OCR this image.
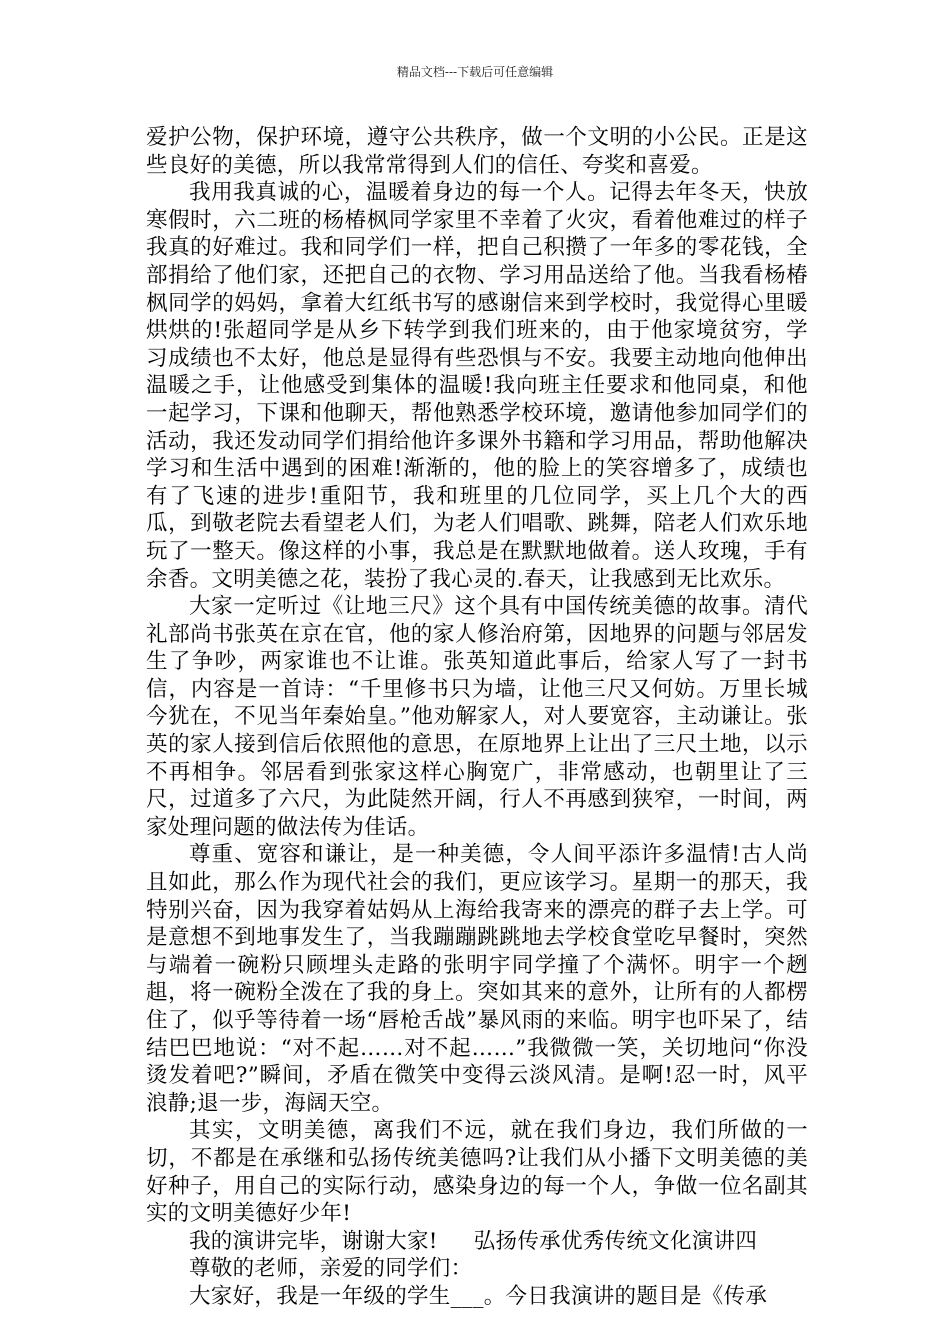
精品文档---下载后可任意编辑

爱护公物，保护环境，遵守公共秩序，做一个文明的小公民。正是这些良好的美德，所以我常常得到人们的信任、夸奖和喜爱。

我用我真诚的心，温暖着身边的每一个人。记得去年冬天，快放寒假时，六二班的杨椿枫同学家里不幸着了火灾，看着他难过的样子我真的好难过。我和同学们一样，把自己积攒了一年多的零花钱，全部捐给了他们家，还把自己的衣物、学习用品送给了他。当我看杨椿枫同学的妈妈，拿着大红纸书写的感谢信来到学校时，我觉得心里暖烘烘的!张超同学是从乡下转学到我们班来的，由于他家境贫穷，学习成绩也不太好，他总是显得有些恐惧与不安。我要主动地向他伸出温暖之手，让他感受到集体的温暖!我向班主任要求和他同桌，和他一起学习，下课和他聊天，帮他熟悉学校环境，邀请他参加同学们的活动，我还发动同学们捐给他许多课外书籍和学习用品，帮助他解决学习和生活中遇到的困难!渐渐的，他的脸上的笑容增多了，成绩也有了飞速的进步!重阳节，我和班里的几位同学，买上几个大的西瓜，到敬老院去看望老人们，为老人们唱歌、跳舞，陪老人们欢乐地玩了一整天。像这样的小事，我总是在默默地做着。送人玫瑰，手有余香。文明美德之花，装扮了我心灵的.春天，让我感到无比欢乐。

大家一定听过《让地三尺》这个具有中国传统美德的故事。清代礼部尚书张英在京在官，他的家人修治府第，因地界的问题与邻居发生了争吵，两家谁也不让谁。张英知道此事后，给家人写了一封书信，内容是一首诗：“千里修书只为墙，让他三尺又何妨。万里长城今犹在，不见当年秦始皇。”他劝解家人，对人要宽容，主动谦让。张英的家人接到信后依照他的意思，在原地界上让出了三尺土地，以示不再相争。邻居看到张家这样心胸宽广，非常感动，也朝里让了三尺，过道多了六尺，为此陡然开阔，行人不再感到狭窄，一时间，两家处理问题的做法传为佳话。

尊重、宽容和谦让，是一种美德，令人间平添许多温情!古人尚且如此，那么作为现代社会的我们，更应该学习。星期一的那天，我特别兴奋，因为我穿着姑妈从上海给我寄来的漂亮的群子去上学。可是意想不到地事发生了，当我蹦蹦跳跳地去学校食堂吃早餐时，突然与端着一碗粉只顾埋头走路的张明宇同学撞了个满怀。明宇一个趔趄，将一碗粉全泼在了我的身上。突如其来的意外，让所有的人都楞住了，似乎等待着一场“唇枪舌战”暴风雨的来临。明宇也吓呆了，结结巴巴地说：“对不起……对不起……”我微微一笑，关切地问“你没烫发着吧?”瞬间，矛盾在微笑中变得云淡风清。是啊!忍一时，风平浪静;退一步，海阔天空。

其实，文明美德，离我们不远，就在我们身边，我们所做的一切，不都是在承继和弘扬传统美德吗?让我们从小播下文明美德的美好种子，用自己的实际行动，感染身边的每一个人，争做一位名副其实的文明美德好少年!

我的演讲完毕，谢谢大家! 弘扬传承优秀传统文化演讲四

尊敬的老师，亲爱的同学们：

大家好，我是一年级的学生___。今日我演讲的题目是《传承
